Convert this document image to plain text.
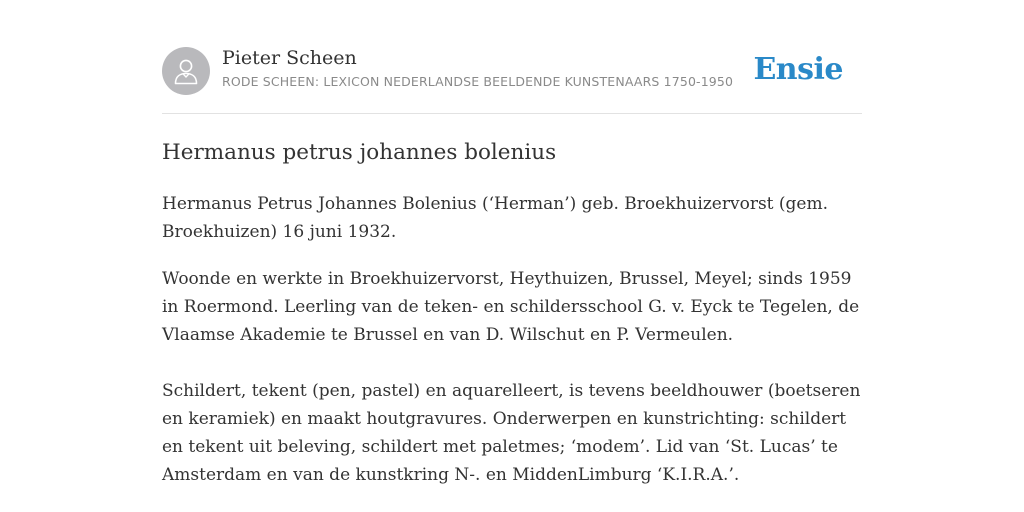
Pieter Scheen
RODE SCHEEN: LEXICON NEDERLANDSE BEELDENDE KUNSTENAARS 1750-1950 Ensie
Hermanus petrus johannes bolenius

Hermanus Petrus Johannes Bolenius (‘Herman’) geb. Broekhuizervorst (gem. Broekhuizen) 16 juni 1932.

Woonde en werkte in Broekhuizervorst, Heythuizen, Brussel, Meyel; sinds 1959 in Roermond. Leerling van de teken- en schildersschool G. v. Eyck te Tegelen, de Vlaamse Akademie te Brussel en van D. Wilschut en P. Vermeulen.

Schildert, tekent (pen, pastel) en aquarelleert, is tevens beeldhouwer (boetseren en keramiek) en maakt houtgravures. Onderwerpen en kunstrichting: schildert en tekent uit beleving, schildert met paletmes; ‘modem’. Lid van ‘St. Lucas’ te Amsterdam en van de kunstkring N-. en MiddenLimburg ‘K.I.R.A.’.
